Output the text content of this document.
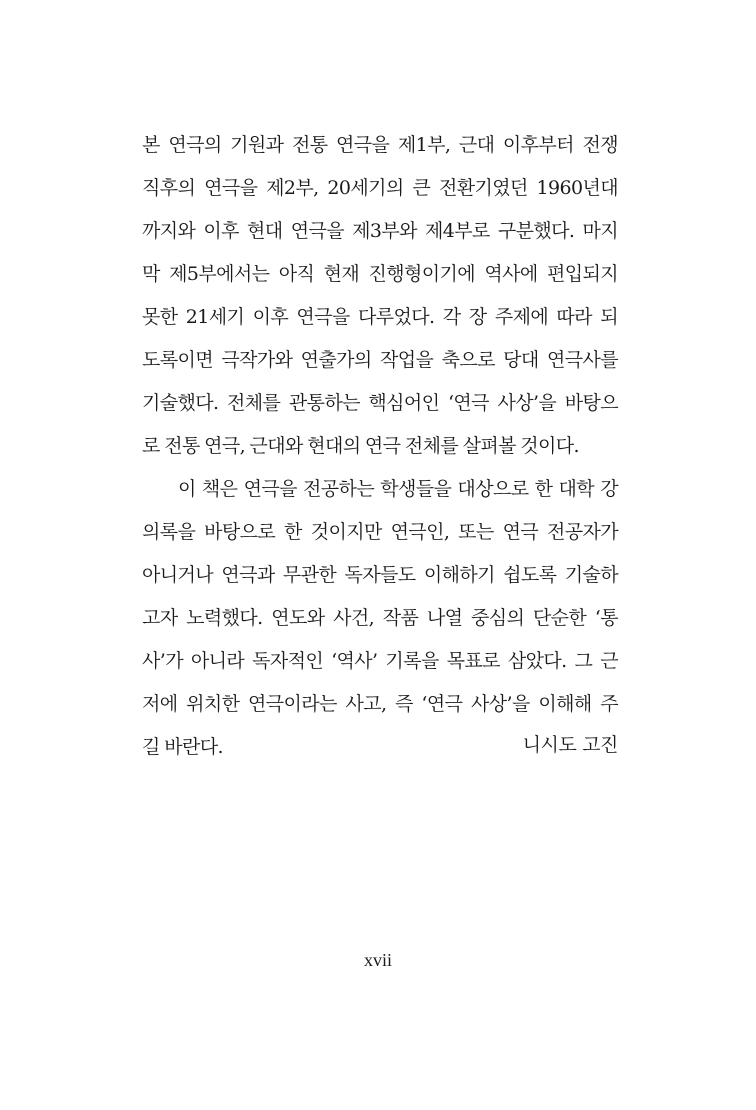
본 연극의 기원과 전통 연극을 제1부, 근대 이후부터 전쟁
직후의 연극을 제2부, 20세기의 큰 전환기였던 1960년대
까지와 이후 현대 연극을 제3부와 제4부로 구분했다. 마지
막 제5부에서는 아직 현재 진행형이기에 역사에 편입되지
못한 21세기 이후 연극을 다루었다. 각 장 주제에 따라 되
도록이면 극작가와 연출가의 작업을 축으로 당대 연극사를
기술했다. 전체를 관통하는 핵심어인 ‘연극 사상’을 바탕으
로 전통 연극, 근대와 현대의 연극 전체를 살펴볼 것이다.
이 책은 연극을 전공하는 학생들을 대상으로 한 대학 강
의록을 바탕으로 한 것이지만 연극인, 또는 연극 전공자가
아니거나 연극과 무관한 독자들도 이해하기 쉽도록 기술하
고자 노력했다. 연도와 사건, 작품 나열 중심의 단순한 ‘통
사’가 아니라 독자적인 ‘역사’ 기록을 목표로 삼았다. 그 근
저에 위치한 연극이라는 사고, 즉 ‘연극 사상’을 이해해 주
길 바란다.	니시도 고진
xvii
